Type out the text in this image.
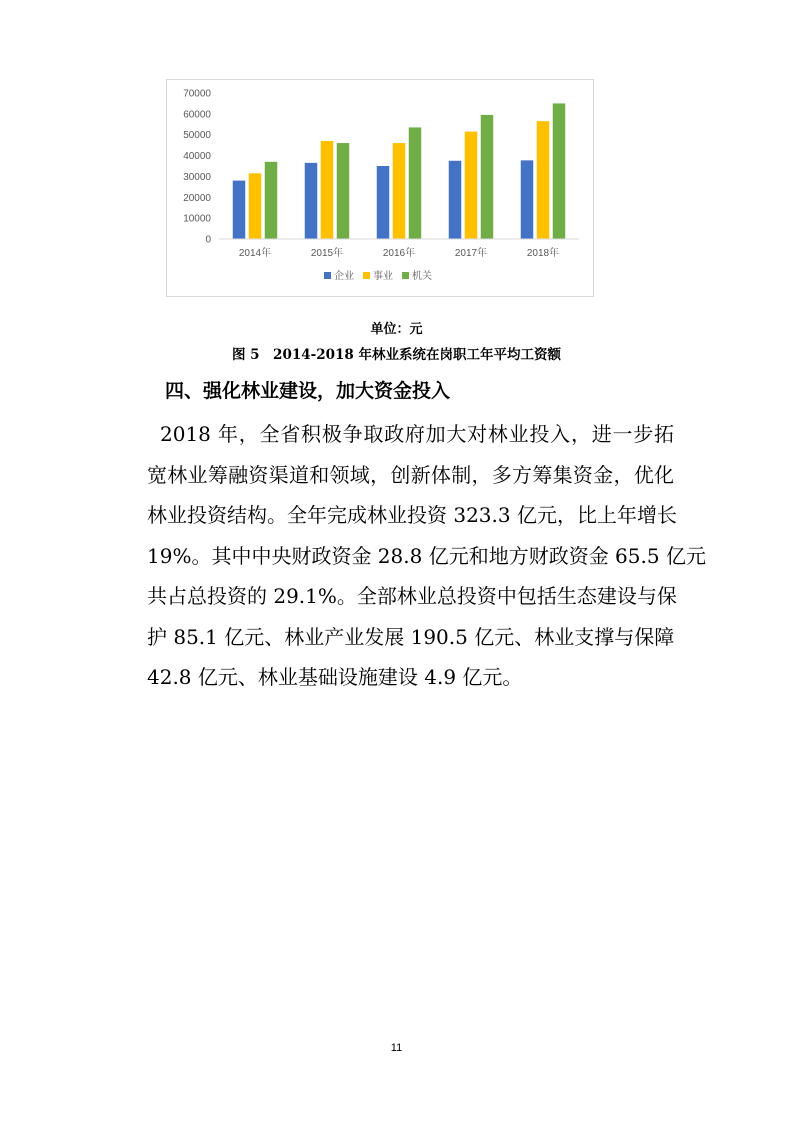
0
10000
20000
30000
40000
50000
60000
70000
2014年	2015年	2016年	2017年	2018年
企业 事业 机关
单位：元
图 5　2014-2018 年林业系统在岗职工年平均工资额
四、强化林业建设，加大资金投入
2018 年，全省积极争取政府加大对林业投入，进一步拓
宽林业筹融资渠道和领域，创新体制，多方筹集资金，优化
林业投资结构。全年完成林业投资 323.3 亿元，比上年增长
19%。其中中央财政资金 28.8 亿元和地方财政资金 65.5 亿元
共占总投资的 29.1%。全部林业总投资中包括生态建设与保
护 85.1 亿元、林业产业发展 190.5 亿元、林业支撑与保障
42.8 亿元、林业基础设施建设 4.9 亿元。
11
